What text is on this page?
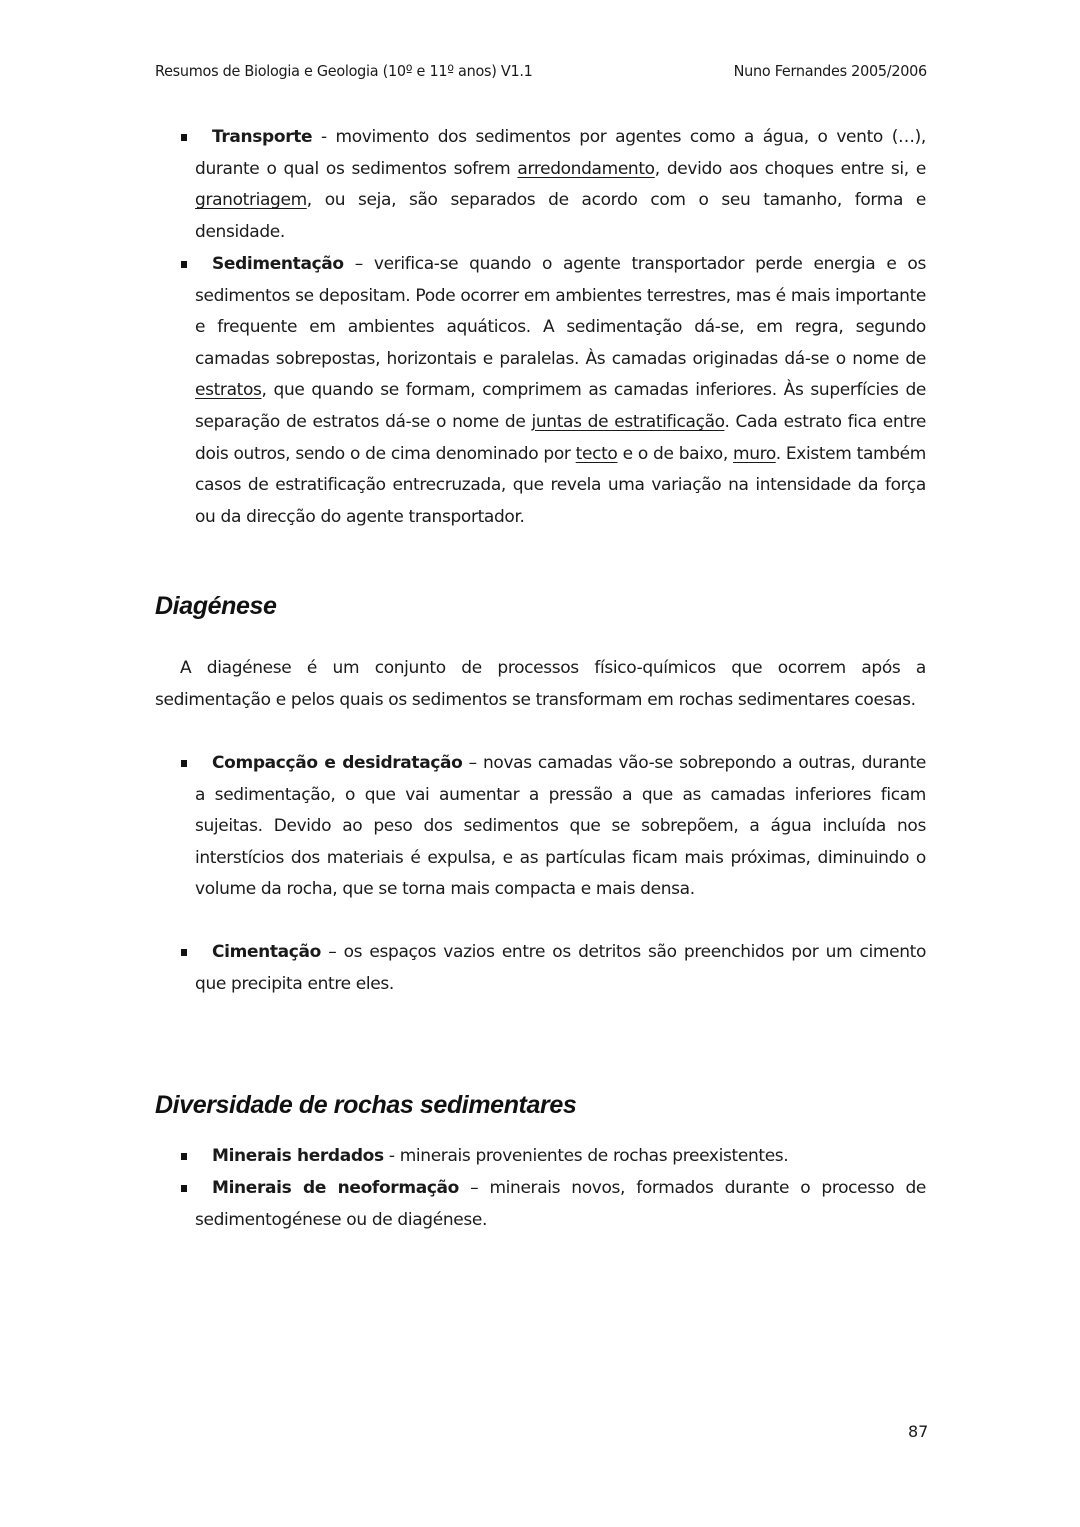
Resumos de Biologia e Geologia (10º e 11º anos) V1.1	Nuno Fernandes 2005/2006
Transporte - movimento dos sedimentos por agentes como a água, o vento (…), durante o qual os sedimentos sofrem arredondamento, devido aos choques entre si, e granotriagem, ou seja, são separados de acordo com o seu tamanho, forma e densidade.
Sedimentação – verifica-se quando o agente transportador perde energia e os sedimentos se depositam. Pode ocorrer em ambientes terrestres, mas é mais importante e frequente em ambientes aquáticos. A sedimentação dá-se, em regra, segundo camadas sobrepostas, horizontais e paralelas. Às camadas originadas dá-se o nome de estratos, que quando se formam, comprimem as camadas inferiores. Às superfícies de separação de estratos dá-se o nome de juntas de estratificação. Cada estrato fica entre dois outros, sendo o de cima denominado por tecto e o de baixo, muro. Existem também casos de estratificação entrecruzada, que revela uma variação na intensidade da força ou da direcção do agente transportador.
Diagénese
A diagénese é um conjunto de processos físico-químicos que ocorrem após a sedimentação e pelos quais os sedimentos se transformam em rochas sedimentares coesas.
Compacção e desidratação – novas camadas vão-se sobrepondo a outras, durante a sedimentação, o que vai aumentar a pressão a que as camadas inferiores ficam sujeitas. Devido ao peso dos sedimentos que se sobrepõem, a água incluída nos interstícios dos materiais é expulsa, e as partículas ficam mais próximas, diminuindo o volume da rocha, que se torna mais compacta e mais densa.
Cimentação – os espaços vazios entre os detritos são preenchidos por um cimento que precipita entre eles.
Diversidade de rochas sedimentares
Minerais herdados - minerais provenientes de rochas preexistentes.
Minerais de neoformação – minerais novos, formados durante o processo de sedimentogénese ou de diagénese.
87
